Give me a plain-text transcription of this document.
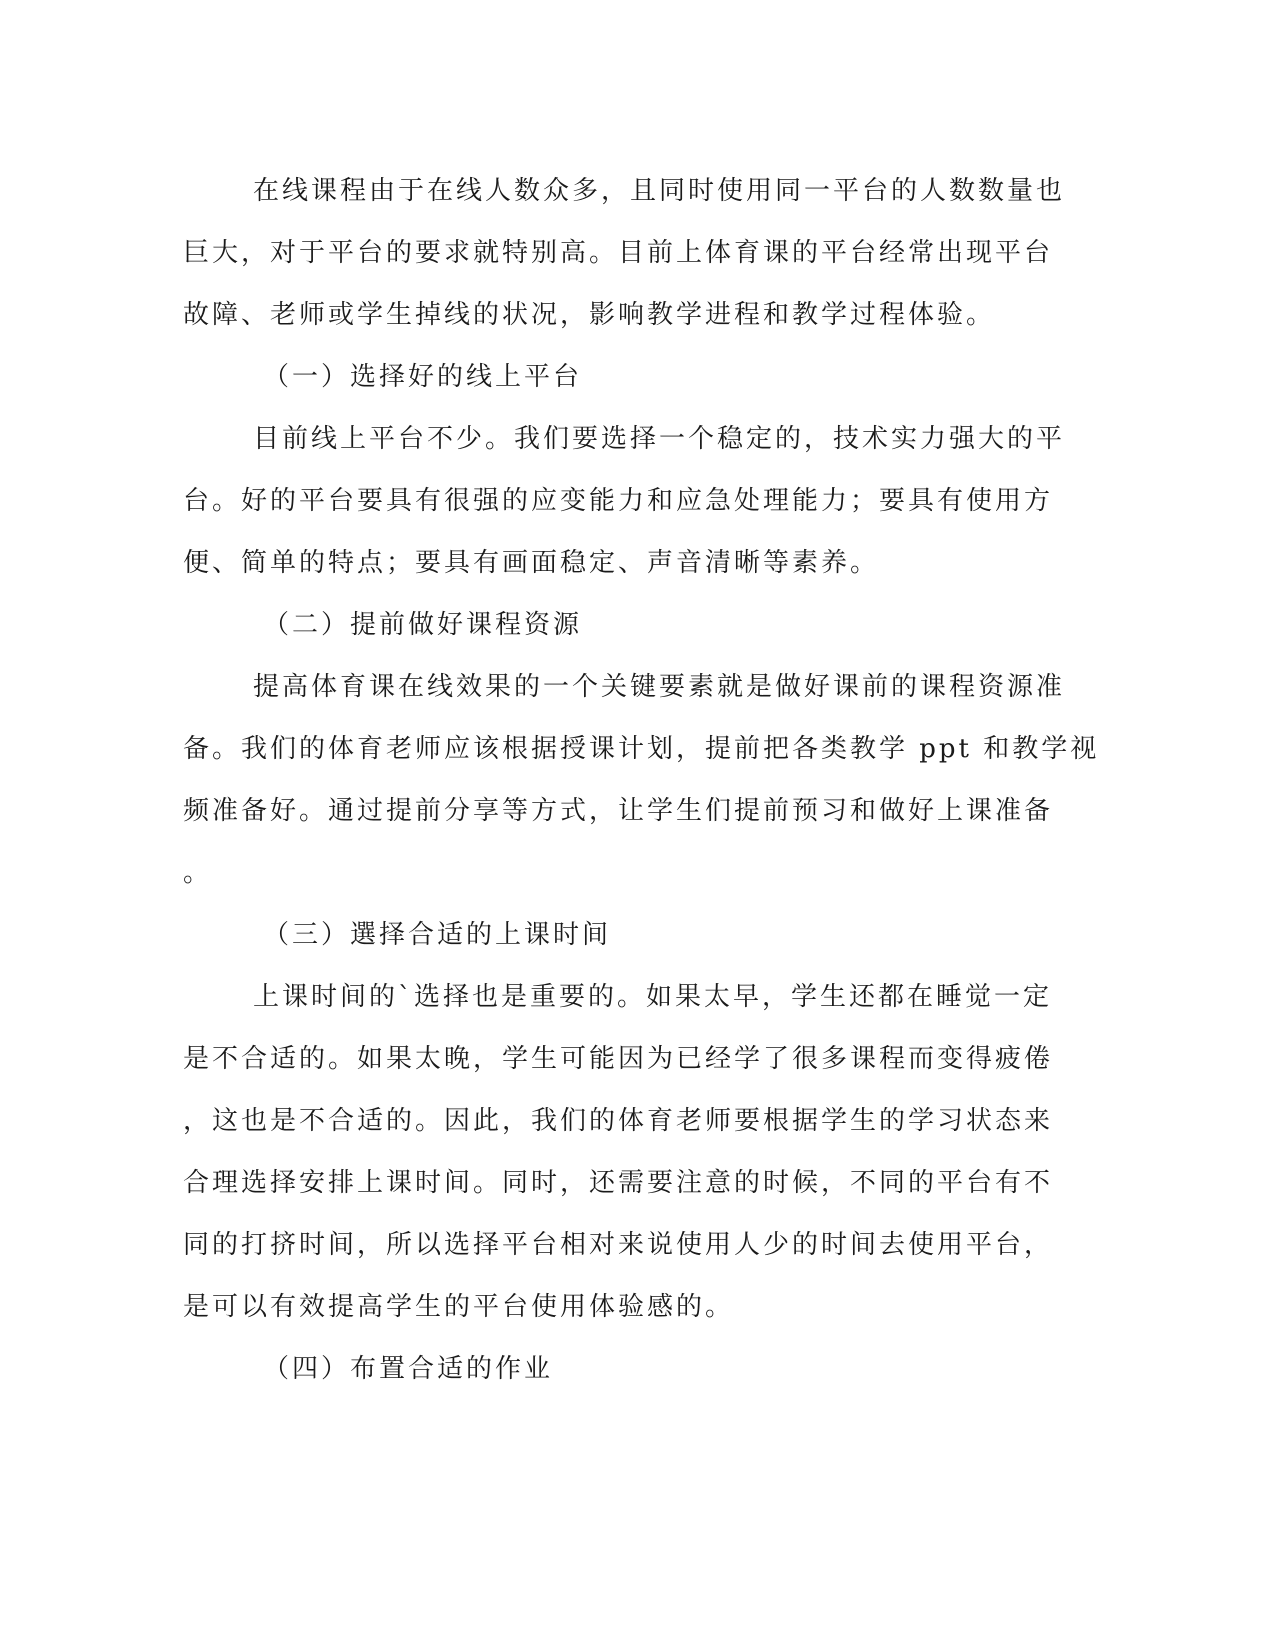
在线课程由于在线人数众多，且同时使用同一平台的人数数量也
巨大，对于平台的要求就特别高。目前上体育课的平台经常出现平台
故障、老师或学生掉线的状况，影响教学进程和教学过程体验。
（一）选择好的线上平台
目前线上平台不少。我们要选择一个稳定的，技术实力强大的平
台。好的平台要具有很强的应变能力和应急处理能力；要具有使用方
便、简单的特点；要具有画面稳定、声音清晰等素养。
（二）提前做好课程资源
提高体育课在线效果的一个关键要素就是做好课前的课程资源准
备。我们的体育老师应该根据授课计划，提前把各类教学 ppt 和教学视
频准备好。通过提前分享等方式，让学生们提前预习和做好上课准备
。
（三）選择合适的上课时间
上课时间的`选择也是重要的。如果太早，学生还都在睡觉一定
是不合适的。如果太晚，学生可能因为已经学了很多课程而变得疲倦
，这也是不合适的。因此，我们的体育老师要根据学生的学习状态来
合理选择安排上课时间。同时，还需要注意的时候，不同的平台有不
同的打挤时间，所以选择平台相对来说使用人少的时间去使用平台，
是可以有效提高学生的平台使用体验感的。
（四）布置合适的作业
